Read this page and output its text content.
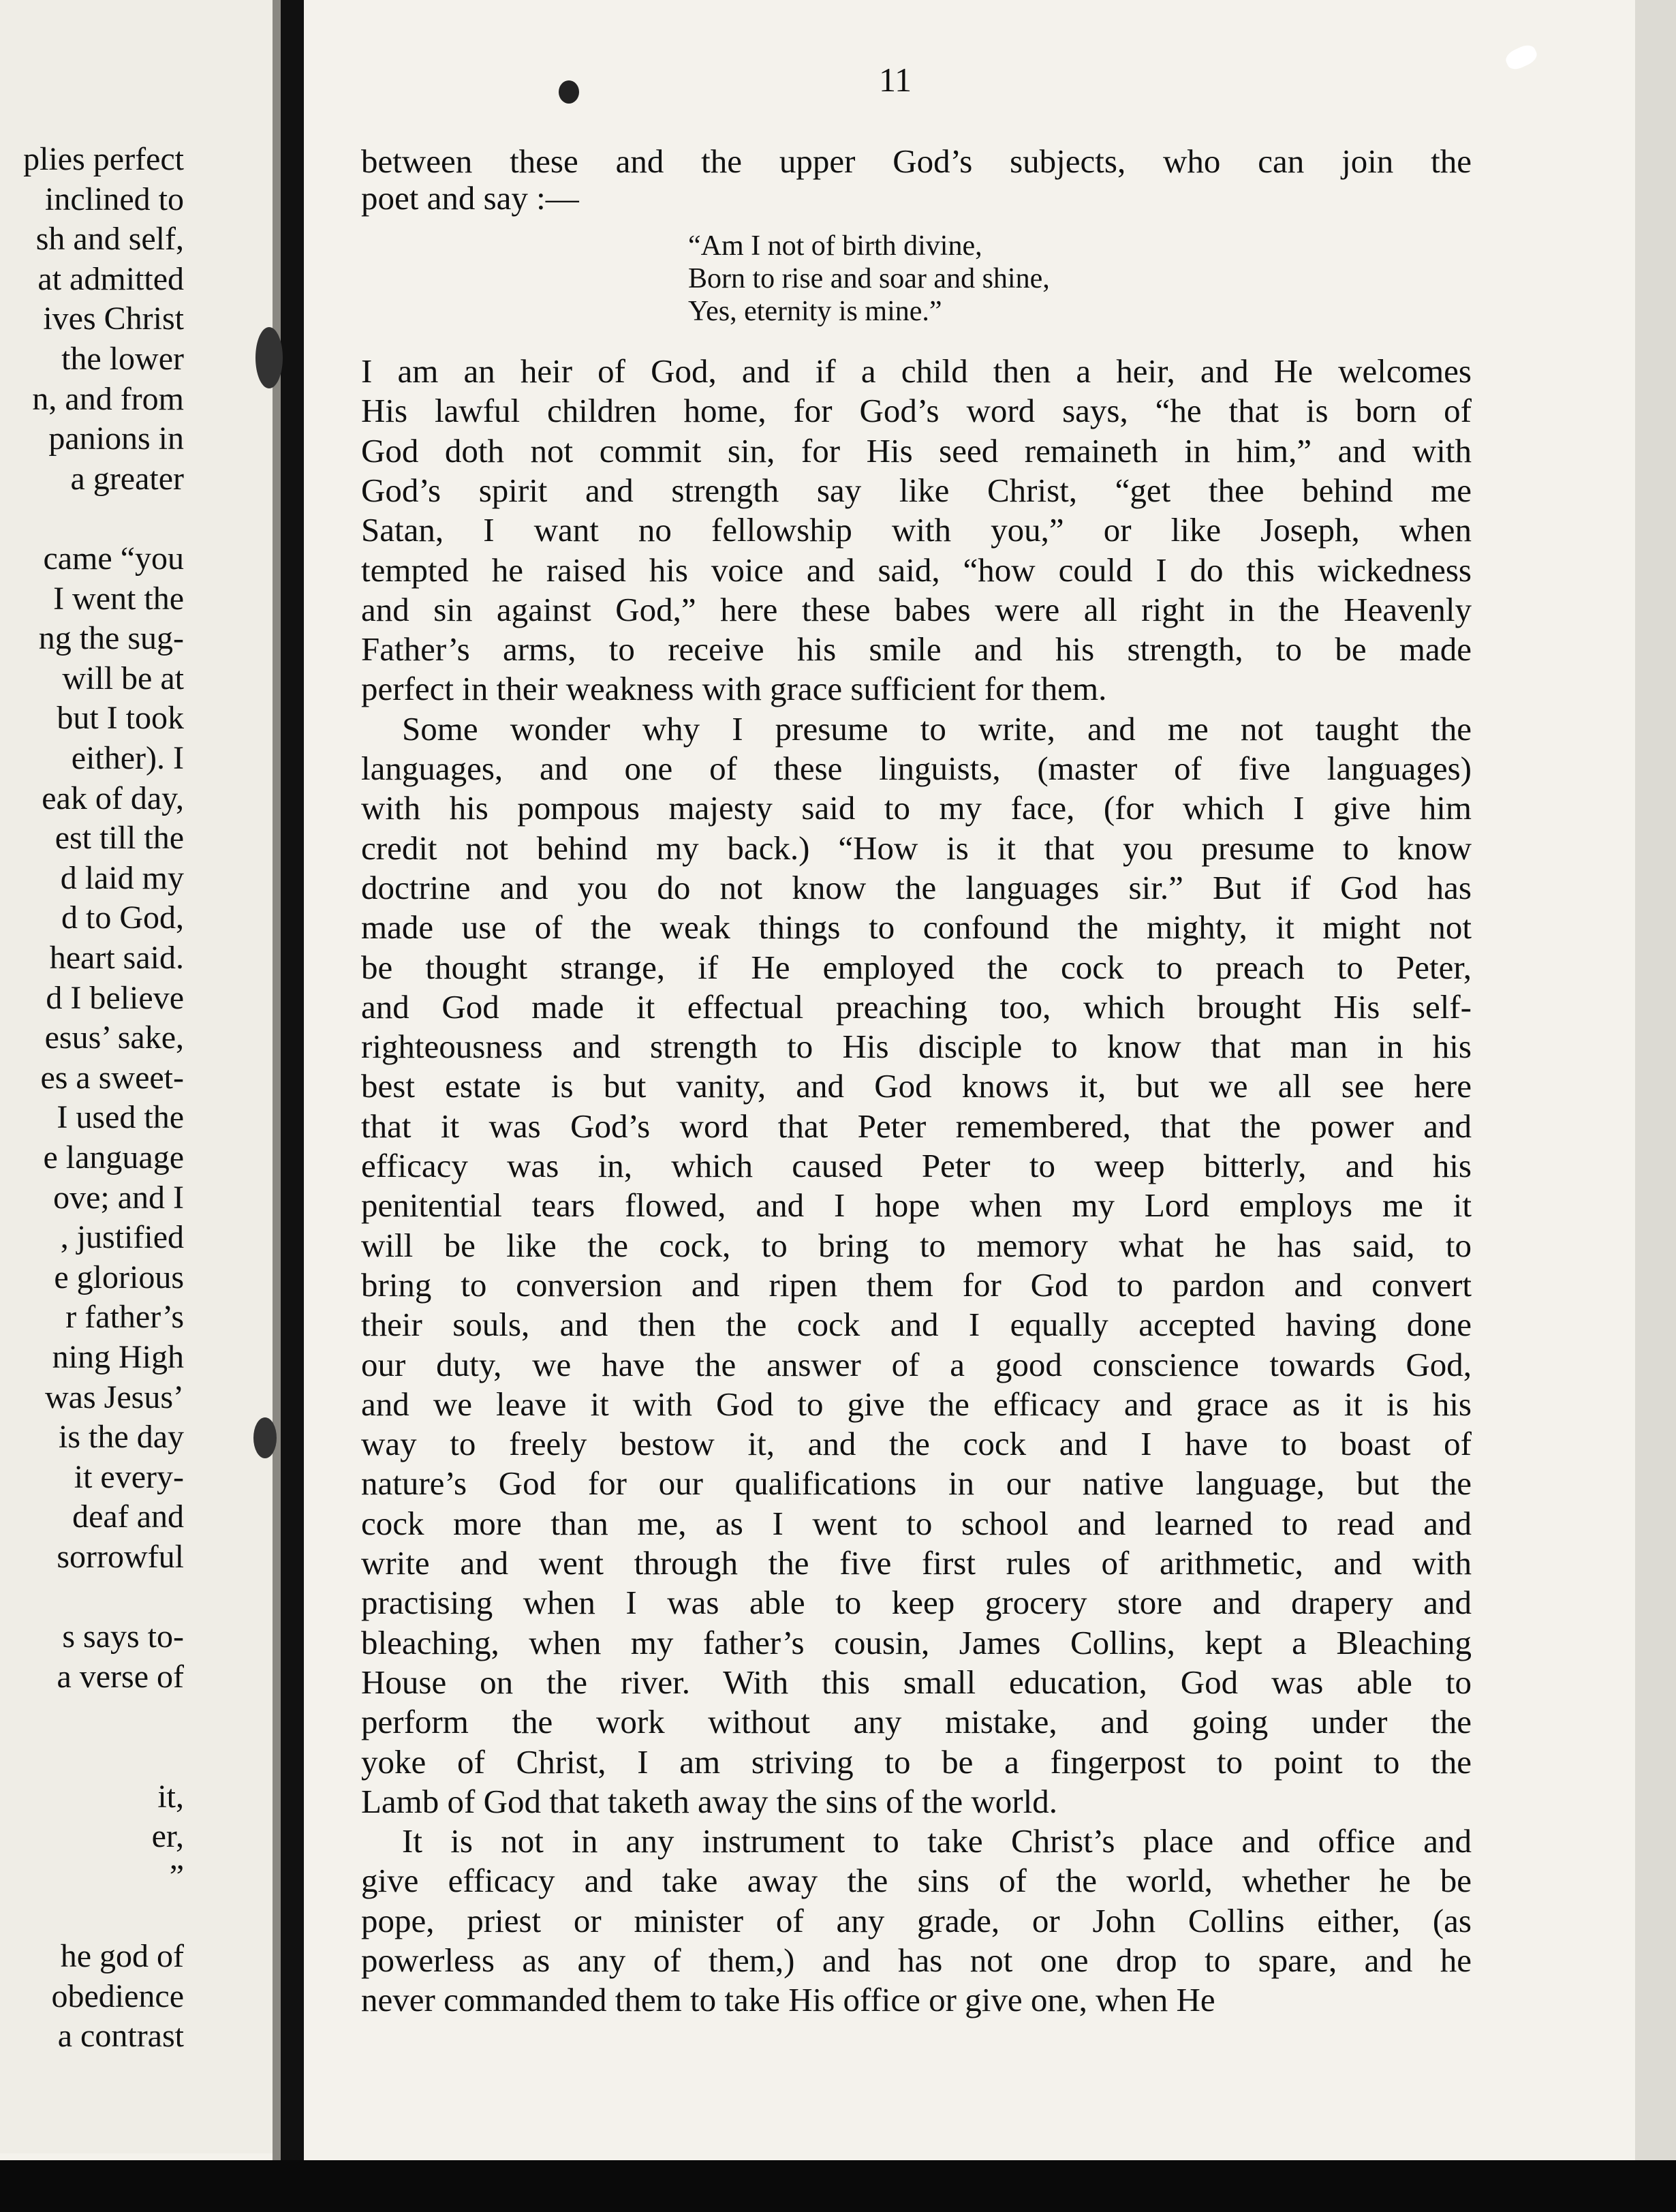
plies perfect
inclined to
sh and self,
at admitted
ives Christ
the lower
n, and from
panions in
a greater
came “you
I went the
ng the sug-
will be at
but I took
either). I
eak of day,
est till the
d laid my
d to God,
heart said.
d I believe
esus’ sake,
es a sweet-
I used the
e language
ove; and I
, justified
e glorious
r father’s
ning High
was Jesus’
is the day
it every-
deaf and
sorrowful
s says to-
a verse of
it,
er,
”
he god of
obedience
a contrast
11
between these and the upper God’s subjects, who can join the
poet and say :—
“Am I not of birth divine,
Born to rise and soar and shine,
Yes, eternity is mine.”
I am an heir of God, and if a child then a heir, and He welcomes
His lawful children home, for God’s word says, “he that is born of
God doth not commit sin, for His seed remaineth in him,” and with
God’s spirit and strength say like Christ, “get thee behind me
Satan, I want no fellowship with you,” or like Joseph, when
tempted he raised his voice and said, “how could I do this wickedness
and sin against God,” here these babes were all right in the Heavenly
Father’s arms, to receive his smile and his strength, to be made
perfect in their weakness with grace sufficient for them.
Some wonder why I presume to write, and me not taught the
languages, and one of these linguists, (master of five languages)
with his pompous majesty said to my face, (for which I give him
credit not behind my back.) “How is it that you presume to know
doctrine and you do not know the languages sir.” But if God has
made use of the weak things to confound the mighty, it might not
be thought strange, if He employed the cock to preach to Peter,
and God made it effectual preaching too, which brought His self-
righteousness and strength to His disciple to know that man in his
best estate is but vanity, and God knows it, but we all see here
that it was God’s word that Peter remembered, that the power and
efficacy was in, which caused Peter to weep bitterly, and his
penitential tears flowed, and I hope when my Lord employs me it
will be like the cock, to bring to memory what he has said, to
bring to conversion and ripen them for God to pardon and convert
their souls, and then the cock and I equally accepted having done
our duty, we have the answer of a good conscience towards God,
and we leave it with God to give the efficacy and grace as it is his
way to freely bestow it, and the cock and I have to boast of
nature’s God for our qualifications in our native language, but the
cock more than me, as I went to school and learned to read and
write and went through the five first rules of arithmetic, and with
practising when I was able to keep grocery store and drapery and
bleaching, when my father’s cousin, James Collins, kept a Bleaching
House on the river. With this small education, God was able to
perform the work without any mistake, and going under the
yoke of Christ, I am striving to be a fingerpost to point to the
Lamb of God that taketh away the sins of the world.
It is not in any instrument to take Christ’s place and office and
give efficacy and take away the sins of the world, whether he be
pope, priest or minister of any grade, or John Collins either, (as
powerless as any of them,) and has not one drop to spare, and he
never commanded them to take His office or give one, when He
